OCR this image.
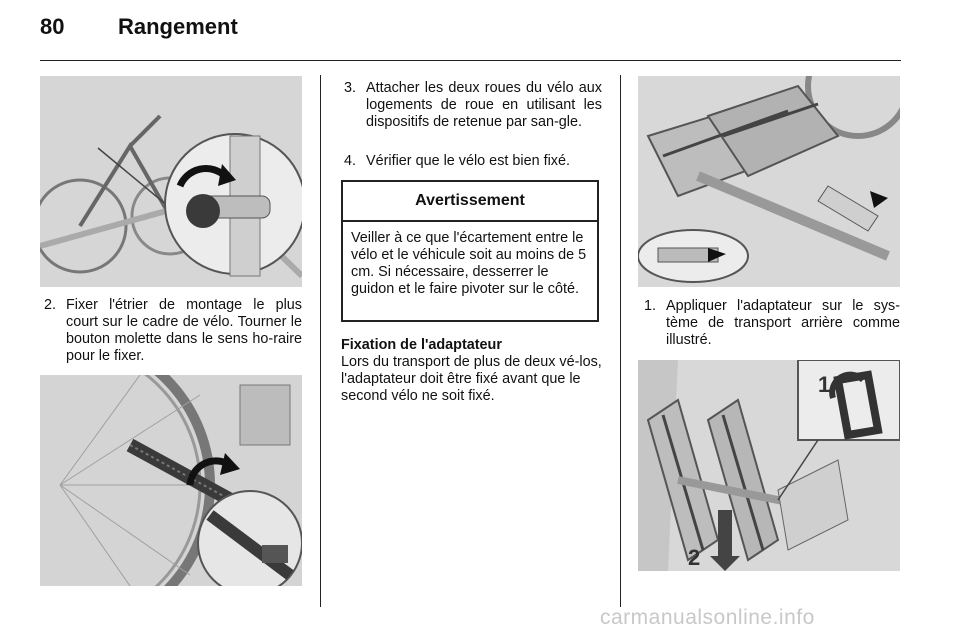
80 Rangement
2. Fixer l'étrier de montage le plus court sur le cadre de vélo. Tourner le bouton molette dans le sens ho-raire pour le fixer.
3. Attacher les deux roues du vélo aux logements de roue en utilisant les dispositifs de retenue par san-gle.
4. Vérifier que le vélo est bien fixé.
Avertissement
Veiller à ce que l'écartement entre le vélo et le véhicule soit au moins de 5 cm. Si nécessaire, desserrer le guidon et le faire pivoter sur le côté.
Fixation de l'adaptateur
Lors du transport de plus de deux vé-los, l'adaptateur doit être fixé avant que le second vélo ne soit fixé.
1. Appliquer l'adaptateur sur le sys-tème de transport arrière comme illustré.
1
2
carmanualsonline.info
